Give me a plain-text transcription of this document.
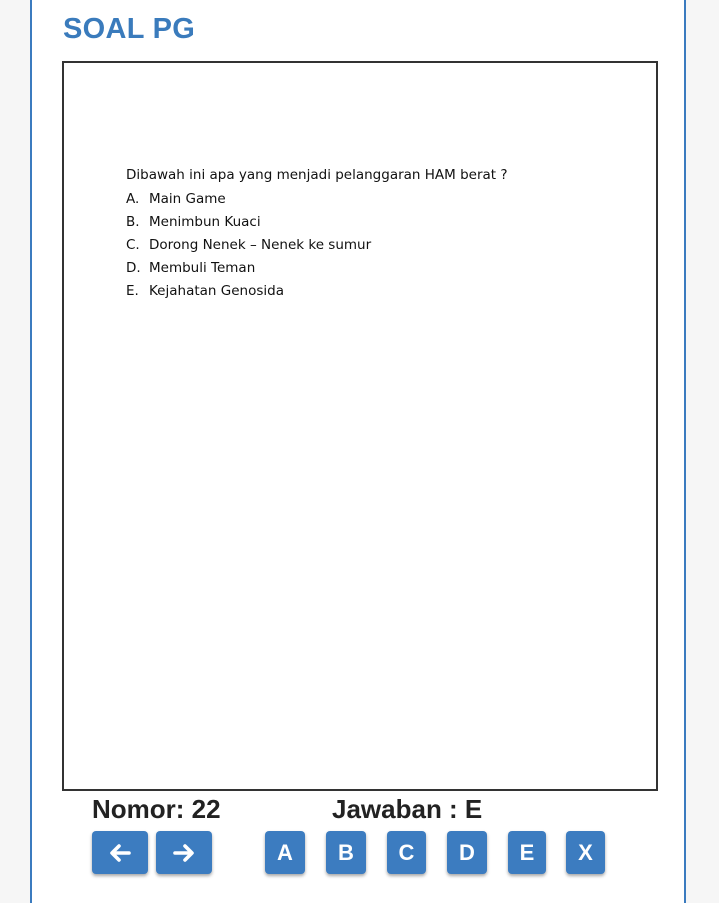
SOAL PG
Dibawah ini apa yang menjadi pelanggaran HAM berat ?
A. Main Game
B. Menimbun Kuaci
C. Dorong Nenek – Nenek ke sumur
D. Membuli Teman
E. Kejahatan Genosida
Nomor: 22	Jawaban : E
A	B	C	D	E	X
